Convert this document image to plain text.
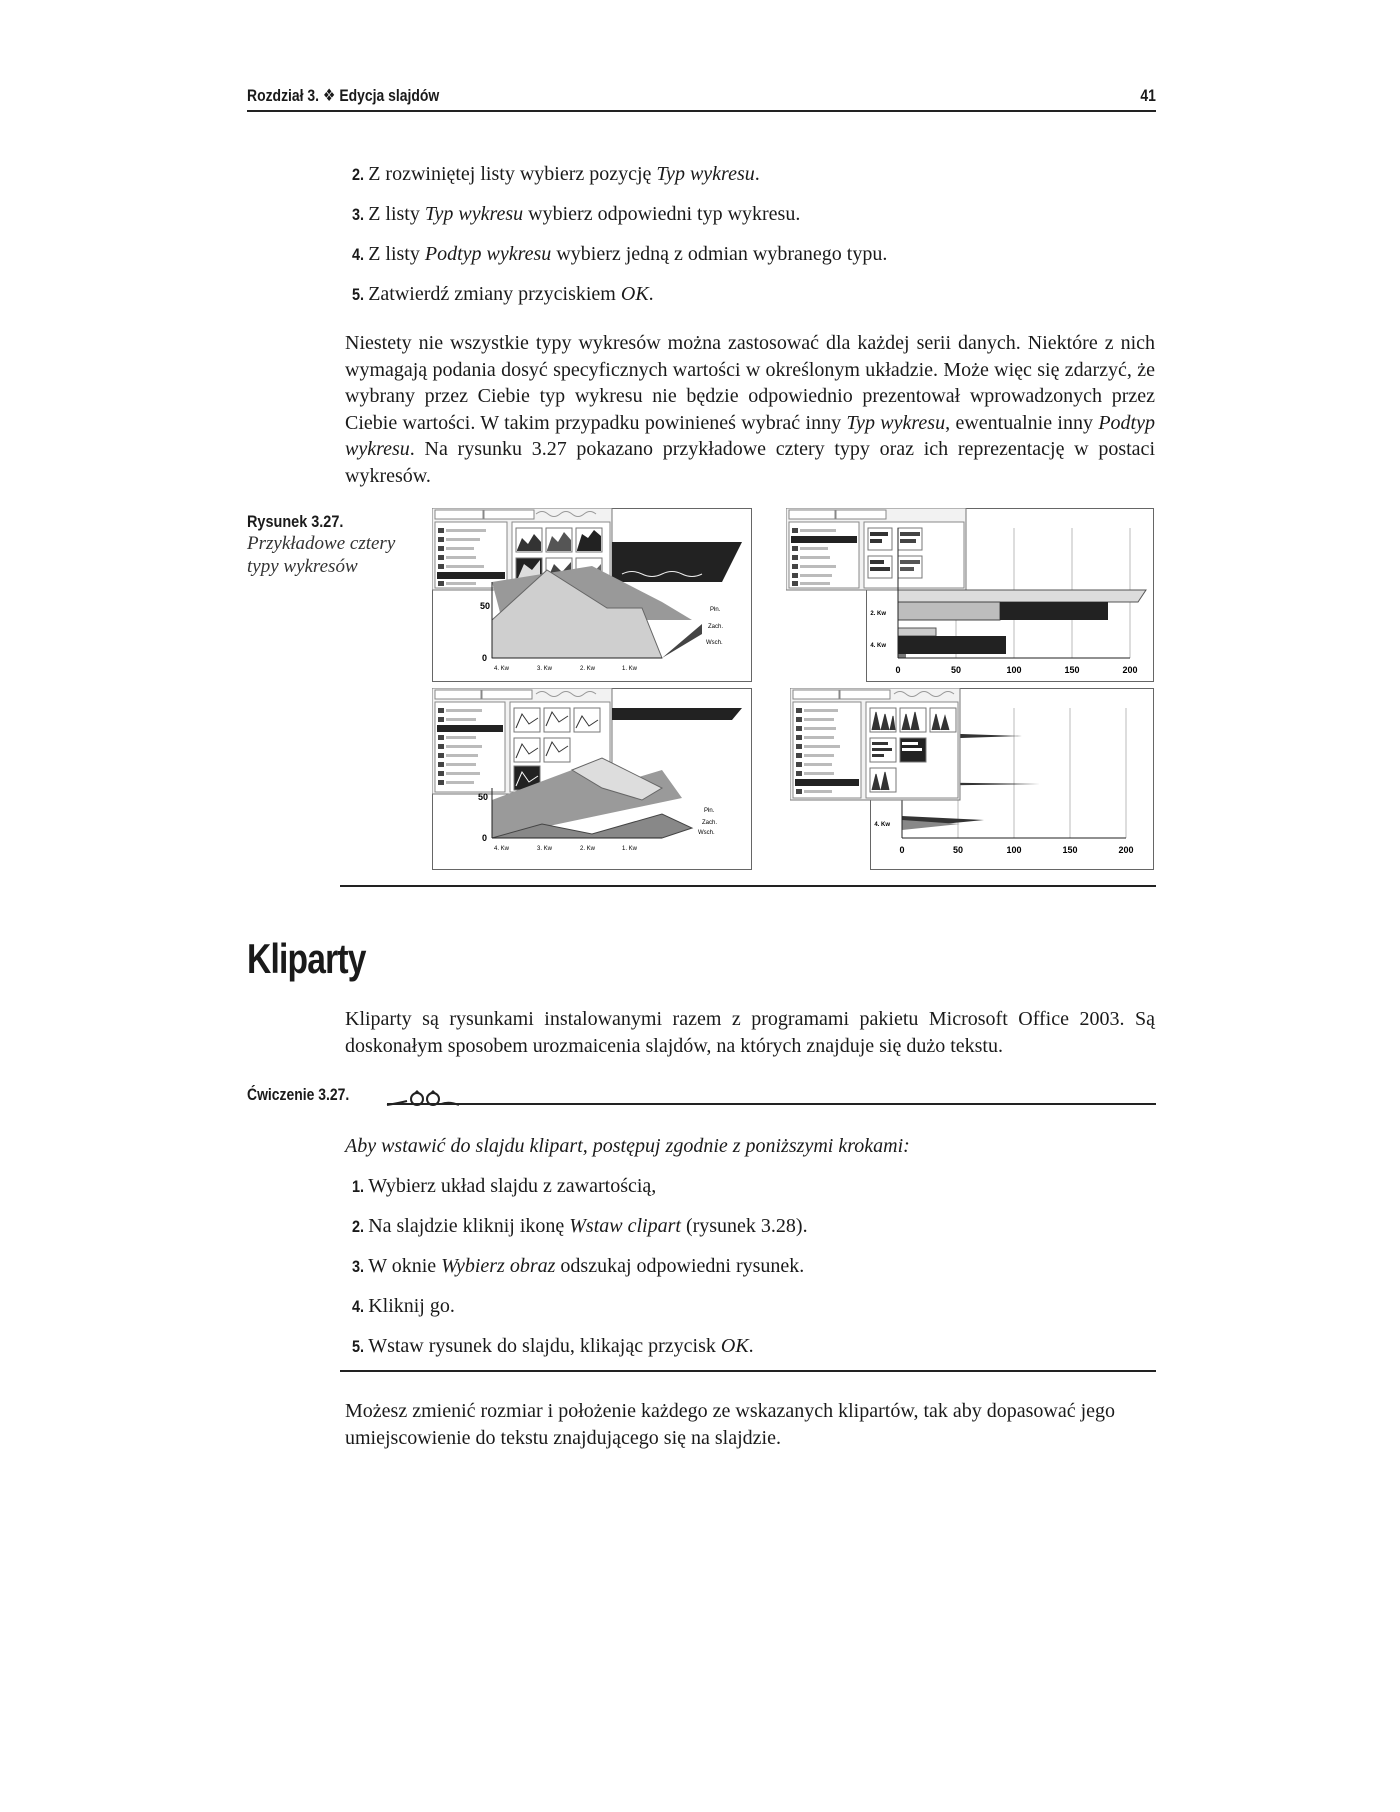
Rozdział 3. ❖ Edycja slajdów	41
2. Z rozwiniętej listy wybierz pozycję Typ wykresu.
3. Z listy Typ wykresu wybierz odpowiedni typ wykresu.
4. Z listy Podtyp wykresu wybierz jedną z odmian wybranego typu.
5. Zatwierdź zmiany przyciskiem OK.

Niestety nie wszystkie typy wykresów można zastosować dla każdej serii danych. Niektóre z nich wymagają podania dosyć specyficznych wartości w określonym układzie. Może więc się zdarzyć, że wybrany przez Ciebie typ wykresu nie będzie odpowiednio prezentował wprowadzonych przez Ciebie wartości. W takim przypadku powinieneś wybrać inny Typ wykresu, ewentualnie inny Podtyp wykresu. Na rysunku 3.27 pokazano przykładowe cztery typy oraz ich reprezentację w postaci wykresów.

Rysunek 3.27.
Przykładowe cztery typy wykresów
50
0
4. Kw	3. Kw	2. Kw	1. Kw
Płn.
Zach.
Wsch.
2. Kw
4. Kw
0	50	100	150	200
50
0
4. Kw	3. Kw	2. Kw	1. Kw
Płn.
Zach.
Wsch.
4. Kw
0	50	100	150	200
Kliparty

Kliparty są rysunkami instalowanymi razem z programami pakietu Microsoft Office 2003. Są doskonałym sposobem urozmaicenia slajdów, na których znajduje się dużo tekstu.

Ćwiczenie 3.27.
Aby wstawić do slajdu klipart, postępuj zgodnie z poniższymi krokami:
1. Wybierz układ slajdu z zawartością,
2. Na slajdzie kliknij ikonę Wstaw clipart (rysunek 3.28).
3. W oknie Wybierz obraz odszukaj odpowiedni rysunek.
4. Kliknij go.
5. Wstaw rysunek do slajdu, klikając przycisk OK.

Możesz zmienić rozmiar i położenie każdego ze wskazanych klipartów, tak aby dopasować jego umiejscowienie do tekstu znajdującego się na slajdzie.
